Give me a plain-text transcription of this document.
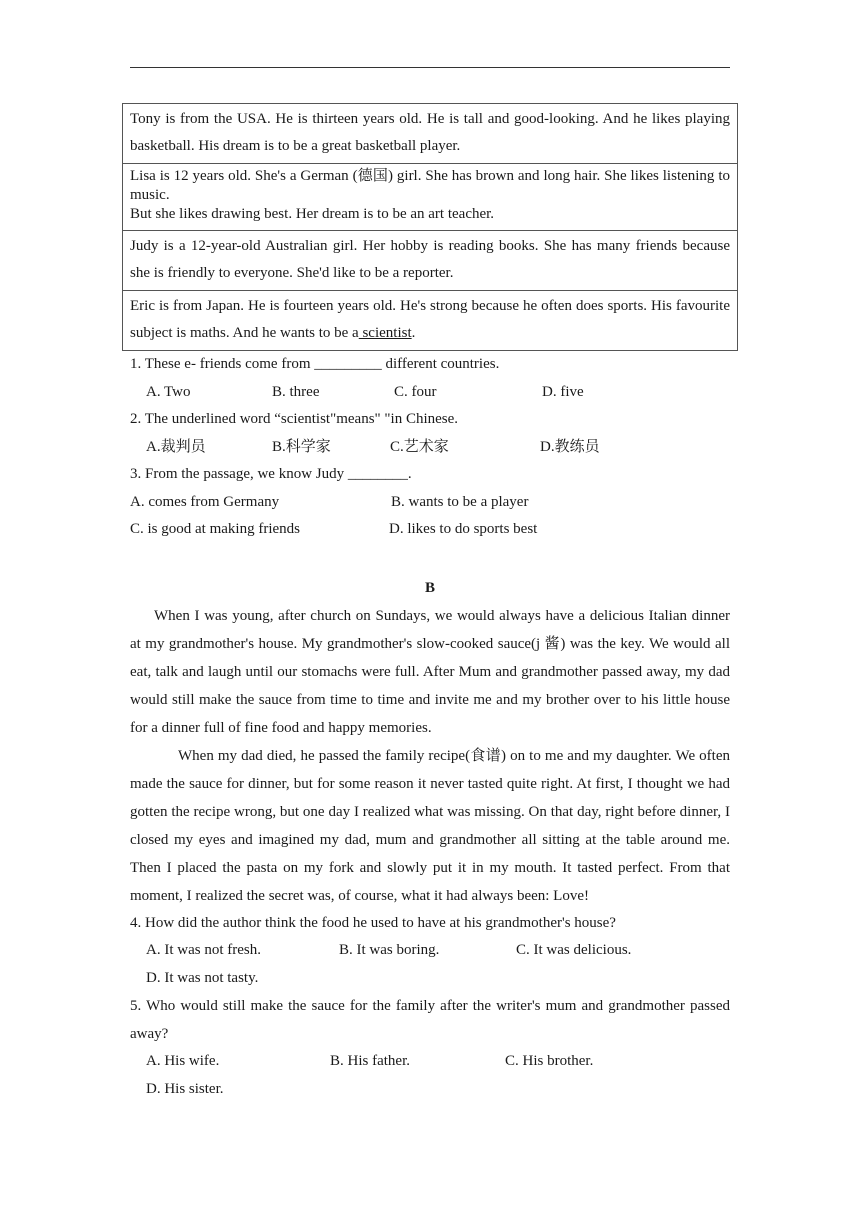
Tony is from the USA. He is thirteen years old. He is tall and good-looking. And he likes playing basketball. His dream is to be a great basketball player.

Lisa is 12 years old. She's a German (德国) girl. She has brown and long hair. She likes listening to music.
But she likes drawing best. Her dream is to be an art teacher.

Judy is a 12-year-old Australian girl. Her hobby is reading books. She has many friends because she is friendly to everyone. She'd like to be a reporter.
Eric is from Japan. He is fourteen years old. He's strong because he often does sports. His favourite subject is maths. And he wants to be a scientist.

1. These e- friends come from _________ different countries.

A. Two	B. three	C. four	D. five

2. The underlined word “scientist"means" "in Chinese.

A.裁判员	B.科学家	C.艺术家	D.教练员

3. From the passage, we know Judy ________.

A. comes from Germany	B. wants to be a player
C. is good at making friends	D. likes to do sports best

B

When I was young, after church on Sundays, we would always have a delicious Italian dinner at my grandmother's house. My grandmother's slow-cooked sauce(j 酱) was the key. We would all eat, talk and laugh until our stomachs were full. After Mum and grandmother passed away, my dad would still make the sauce from time to time and invite me and my brother over to his little house for a dinner full of fine food and happy memories.

When my dad died, he passed the family recipe(食谱) on to me and my daughter. We often made the sauce for dinner, but for some reason it never tasted quite right. At first, I thought we had gotten the recipe wrong, but one day I realized what was missing. On that day, right before dinner, I closed my eyes and imagined my dad, mum and grandmother all sitting at the table around me. Then I placed the pasta on my fork and slowly put it in my mouth. It tasted perfect. From that moment, I realized the secret was, of course, what it had always been: Love!

4. How did the author think the food he used to have at his grandmother's house?

A. It was not fresh.	B. It was boring.	C. It was delicious.D. It was not tasty.

5. Who would still make the sauce for the family after the writer's mum and grandmother passed away?

A. His wife.	B. His father.	C. His brother.D. His sister.
